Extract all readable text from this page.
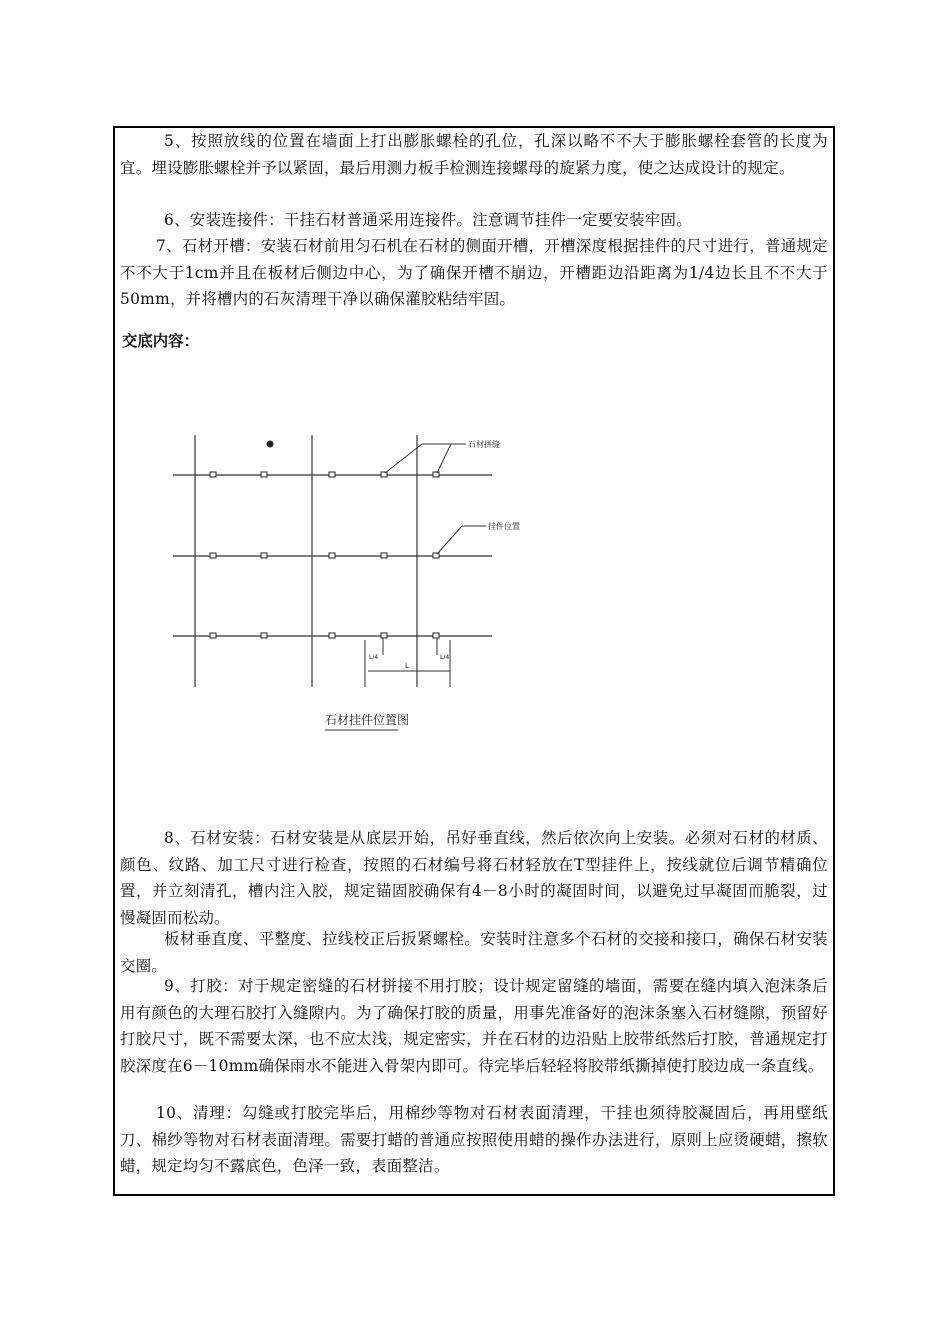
5、按照放线的位置在墙面上打出膨胀螺栓的孔位，孔深以略不不大于膨胀螺栓套管的长度为宜。埋设膨胀螺栓并予以紧固，最后用测力板手检测连接螺母的旋紧力度，使之达成设计的规定。

6、安装连接件：干挂石材普通采用连接件。注意调节挂件一定要安装牢固。

7、石材开槽：安装石材前用匀石机在石材的侧面开槽，开槽深度根据挂件的尺寸进行，普通规定不不大于1cm并且在板材后侧边中心，为了确保开槽不崩边，开槽距边沿距离为1/4边长且不不大于50mm，并将槽内的石灰清理干净以确保灌胶粘结牢固。

交底内容：

石材拼缝
挂件位置
L/4	L/4
L
石材挂件位置图

8、石材安装：石材安装是从底层开始，吊好垂直线，然后依次向上安装。必须对石材的材质、颜色、纹路、加工尺寸进行检查，按照的石材编号将石材轻放在T型挂件上，按线就位后调节精确位置，并立刻清孔，槽内注入胶，规定锚固胶确保有4－8小时的凝固时间，以避免过早凝固而脆裂，过慢凝固而松动。

板材垂直度、平整度、拉线校正后扳紧螺栓。安装时注意多个石材的交接和接口，确保石材安装交圈。

9、打胶：对于规定密缝的石材拼接不用打胶；设计规定留缝的墙面，需要在缝内填入泡沫条后用有颜色的大理石胶打入缝隙内。为了确保打胶的质量，用事先准备好的泡沫条塞入石材缝隙，预留好打胶尺寸，既不需要太深，也不应太浅，规定密实，并在石材的边沿贴上胶带纸然后打胶，普通规定打胶深度在6－10mm确保雨水不能进入骨架内即可。待完毕后轻轻将胶带纸撕掉使打胶边成一条直线。

10、清理：勾缝或打胶完毕后，用棉纱等物对石材表面清理，干挂也须待胶凝固后，再用壁纸刀、棉纱等物对石材表面清理。需要打蜡的普通应按照使用蜡的操作办法进行，原则上应烫硬蜡，擦软蜡，规定均匀不露底色，色泽一致，表面整洁。
